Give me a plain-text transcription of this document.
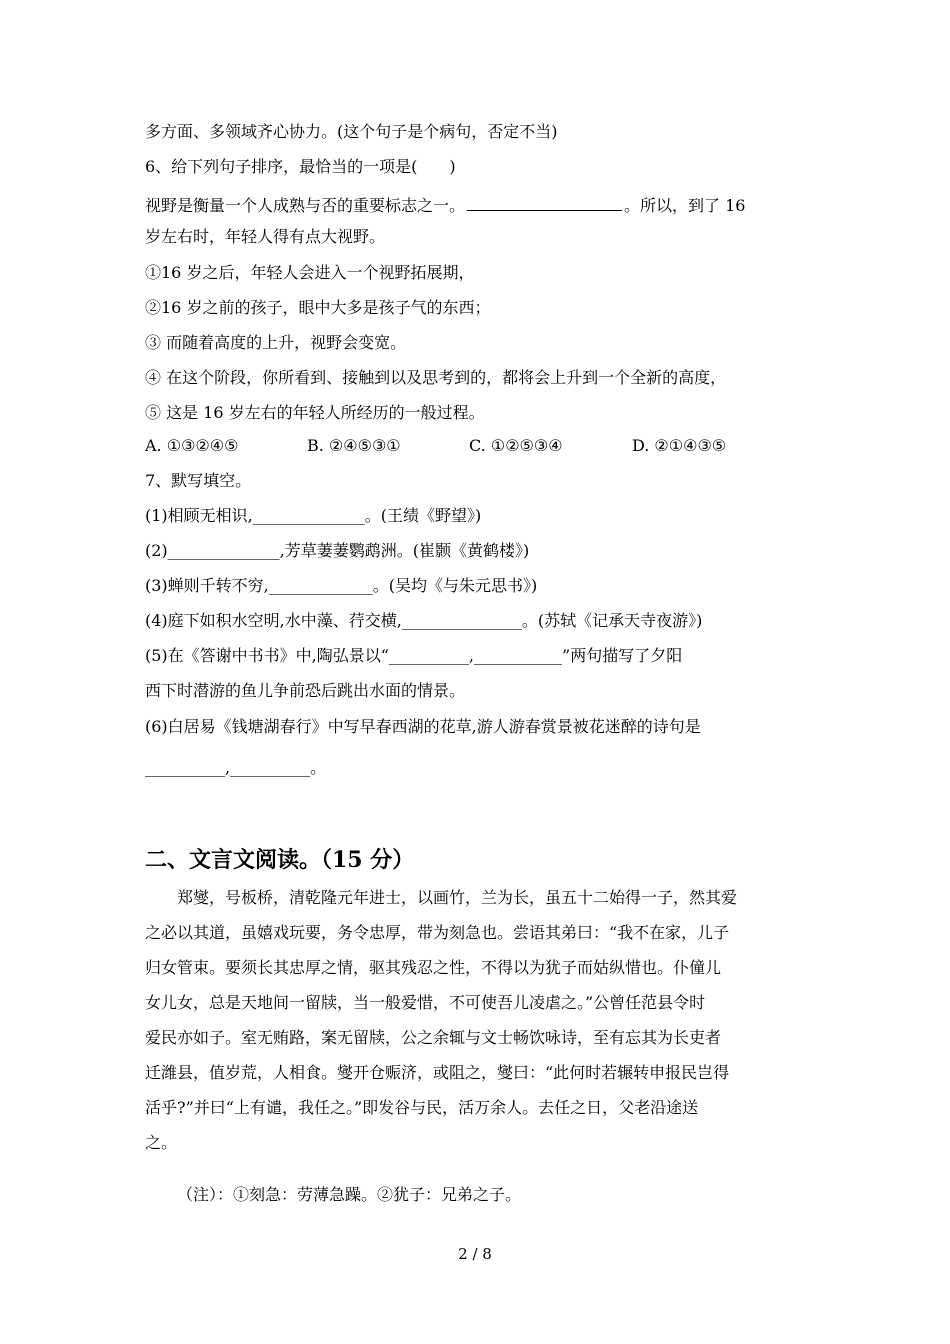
多方面、多领域齐心协力。(这个句子是个病句，否定不当)
6、给下列句子排序，最恰当的一项是(　　)
视野是衡量一个人成熟与否的重要标志之一。	。所以，到了 16
岁左右时，年轻人得有点大视野。
①16 岁之后，年轻人会进入一个视野拓展期，
②16 岁之前的孩子，眼中大多是孩子气的东西；
③ 而随着高度的上升，视野会变宽。
④ 在这个阶段，你所看到、接触到以及思考到的，都将会上升到一个全新的高度，
⑤ 这是 16 岁左右的年轻人所经历的一般过程。
A. ①③②④⑤	B. ②④⑤③①	C. ①②⑤③④	D. ②①④③⑤
7、默写填空。
(1)相顾无相识,______________。(王绩《野望》)
(2)______________,芳草萋萋鹦鹉洲。(崔颢《黄鹤楼》)
(3)蝉则千转不穷,_____________。(吴均《与朱元思书》)
(4)庭下如积水空明,水中藻、荇交横,_______________。(苏轼《记承天寺夜游》)
(5)在《答谢中书书》中,陶弘景以“__________,___________”两句描写了夕阳
西下时潜游的鱼儿争前恐后跳出水面的情景。
(6)白居易《钱塘湖春行》中写早春西湖的花草,游人游春赏景被花迷醉的诗句是
__________,__________。
二、文言文阅读。（15 分）
郑燮，号板桥，清乾隆元年进士，以画竹，兰为长，虽五十二始得一子，然其爱
之必以其道，虽嬉戏玩要，务令忠厚，带为刻急也。尝语其弟曰：“我不在家，儿子
归女管束。要须长其忠厚之情，驱其残忍之性，不得以为犹子而姑纵惜也。仆僮儿
女儿女，总是天地间一留牍，当一般爱惜，不可使吾儿凌虐之。”公曾任范县令时
爱民亦如子。室无贿路，案无留牍，公之余辄与文士畅饮咏诗，至有忘其为长吏者
迁潍县，值岁荒，人相食。燮开仓赈济，或阻之，燮曰：“此何时若辗转申报民岂得
活乎?”并曰“上有谴，我任之。”即发谷与民，活万余人。去任之日，父老沿途送
之。
（注）：①刻急：劳薄急躁。②犹子：兄弟之子。
2 / 8
